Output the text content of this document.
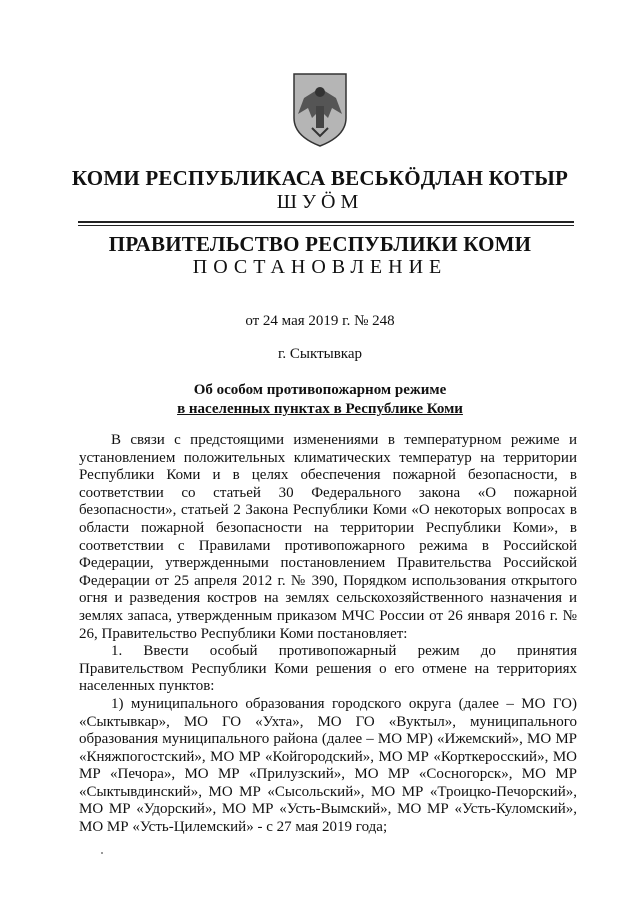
КОМИ РЕСПУБЛИКАСА ВЕСЬКӦДЛАН КОТЫР
ШУӦМ
ПРАВИТЕЛЬСТВО РЕСПУБЛИКИ КОМИ
ПОСТАНОВЛЕНИЕ
от 24 мая 2019 г. № 248
г. Сыктывкар
Об особом противопожарном режиме
в населенных пунктах в Республике Коми

В связи с предстоящими изменениями в температурном режиме и установлением положительных климатических температур на территории Республики Коми и в целях обеспечения пожарной безопасности, в соответствии со статьей 30 Федерального закона «О пожарной безопасности», статьей 2 Закона Республики Коми «О некоторых вопросах в области пожарной безопасности на территории Республики Коми», в соответствии с Правилами противопожарного режима в Российской Федерации, утвержденными постановлением Правительства Российской Федерации от 25 апреля 2012 г. № 390, Порядком использования открытого огня и разведения костров на землях сельскохозяйственного назначения и землях запаса, утвержденным приказом МЧС России от 26 января 2016 г. № 26, Правительство Республики Коми постановляет:

1. Ввести особый противопожарный режим до принятия Правительством Республики Коми решения о его отмене на территориях населенных пунктов:

1) муниципального образования городского округа (далее – МО ГО) «Сыктывкар», МО ГО «Ухта», МО ГО «Вуктыл», муниципального образования муниципального района (далее – МО МР) «Ижемский», МО МР «Княжпогостский», МО МР «Койгородский», МО МР «Корткеросский», МО МР «Печора», МО МР «Прилузский», МО МР «Сосногорск», МО МР «Сыктывдинский», МО МР «Сысольский», МО МР «Троицко-Печорский», МО МР «Удорский», МО МР «Усть-Вымский», МО МР «Усть-Куломский», МО МР «Усть-Цилемский» - с 27 мая 2019 года;
